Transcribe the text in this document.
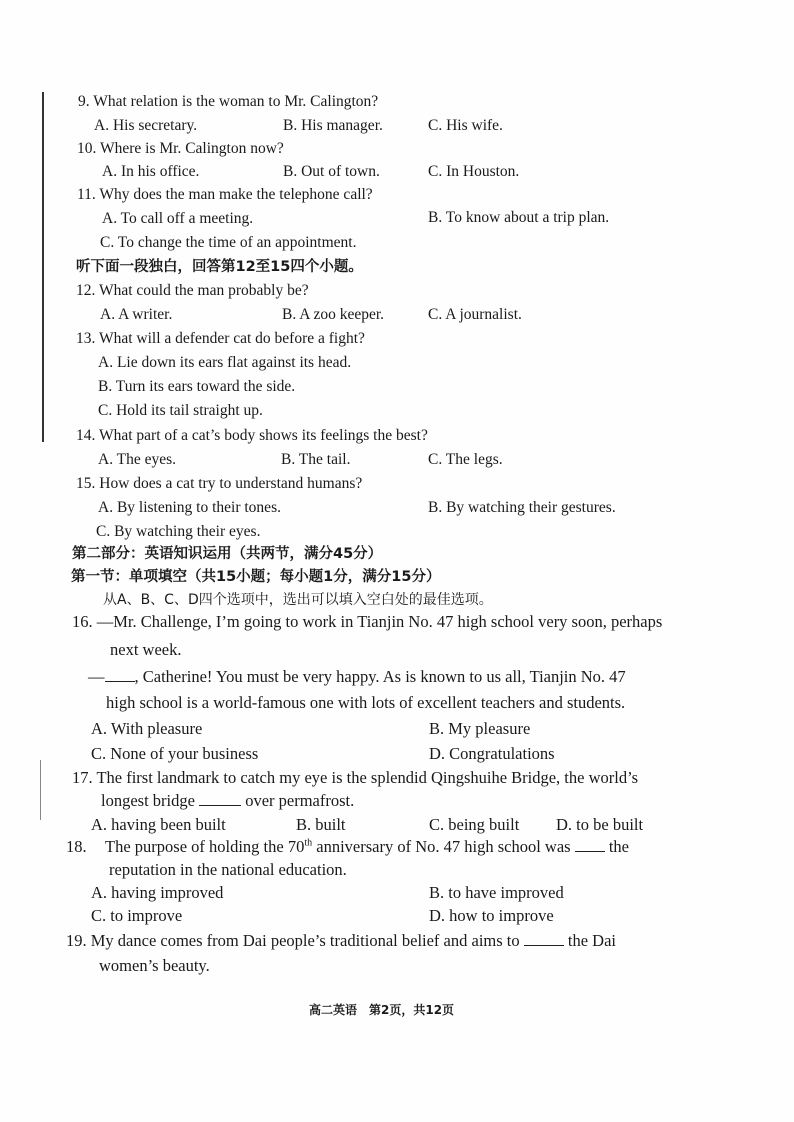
9. What relation is the woman to Mr. Calington?
A. His secretary.	B. His manager.	C. His wife.
10. Where is Mr. Calington now?
A. In his office.	B. Out of town.	C. In Houston.
11. Why does the man make the telephone call?
A. To call off a meeting.	B. To know about a trip plan.
C. To change the time of an appointment.
听下面一段独白，回答第12至15四个小题。
12. What could the man probably be?
A. A writer.	B. A zoo keeper.	C. A journalist.
13. What will a defender cat do before a fight?
A. Lie down its ears flat against its head.
B. Turn its ears toward the side.
C. Hold its tail straight up.
14. What part of a cat’s body shows its feelings the best?
A. The eyes.	B. The tail.	C. The legs.
15. How does a cat try to understand humans?
A. By listening to their tones.	B. By watching their gestures.
C. By watching their eyes.
第二部分：英语知识运用（共两节，满分45分）
第一节：单项填空（共15小题；每小题1分，满分15分）
从A、B、C、D四个选项中，选出可以填入空白处的最佳选项。
16. —Mr. Challenge, I’m going to work in Tianjin No. 47 high school very soon, perhaps
next week.
— , Catherine! You must be very happy. As is known to us all, Tianjin No. 47
high school is a world-famous one with lots of excellent teachers and students.
A. With pleasure	B. My pleasure
C. None of your business	D. Congratulations
17. The first landmark to catch my eye is the splendid Qingshuihe Bridge, the world’s
longest bridge	over permafrost.
A. having been built	B. built	C. being built D. to be built
18. The purpose of holding the 70th anniversary of No. 47 high school was  the
reputation in the national education.
A. having improved	B. to have improved
C. to improve	D. how to improve
19. My dance comes from Dai people’s traditional belief and aims to  the Dai
women’s beauty.
高二英语　第2页，共12页
